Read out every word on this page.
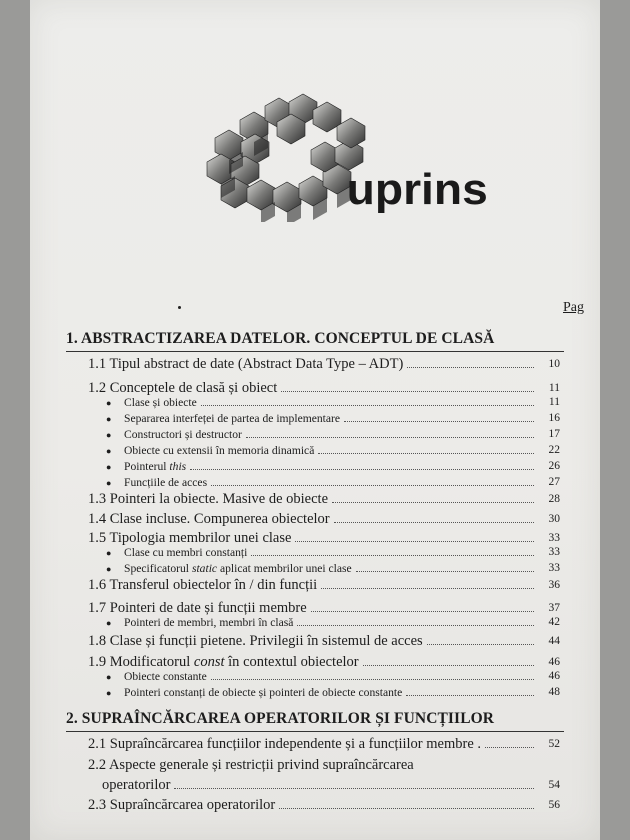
uprins
Pag
1. ABSTRACTIZAREA DATELOR. CONCEPTUL DE CLASĂ
1.1 Tipul abstract de date (Abstract Data Type – ADT)	10
1.2 Conceptele de clasă și obiect	11
●	Clase și obiecte	11
●	Separarea interfeței de partea de implementare	16
●	Constructori și destructor	17
●	Obiecte cu extensii în memoria dinamică	22
●	Pointerul this	26
●	Funcțiile de acces	27
1.3 Pointeri la obiecte. Masive de obiecte	28
1.4 Clase incluse. Compunerea obiectelor	30
1.5 Tipologia membrilor unei clase	33
●	Clase cu membri constanți	33
●	Specificatorul static aplicat membrilor unei clase	33
1.6 Transferul obiectelor în / din funcții	36
1.7 Pointeri de date și funcții membre	37
●	Pointeri de membri, membri în clasă	42
1.8 Clase și funcții pietene. Privilegii în sistemul de acces	44
1.9 Modificatorul const în contextul obiectelor	46
●	Obiecte constante	46
●	Pointeri constanți de obiecte și pointeri de obiecte constante	48
2. SUPRAÎNCĂRCAREA OPERATORILOR ȘI FUNCȚIILOR
2.1 Supraîncărcarea funcțiilor independente și a funcțiilor membre .	52
2.2 Aspecte generale și restricții privind supraîncărcarea
operatorilor	54
2.3 Supraîncărcarea operatorilor	56
